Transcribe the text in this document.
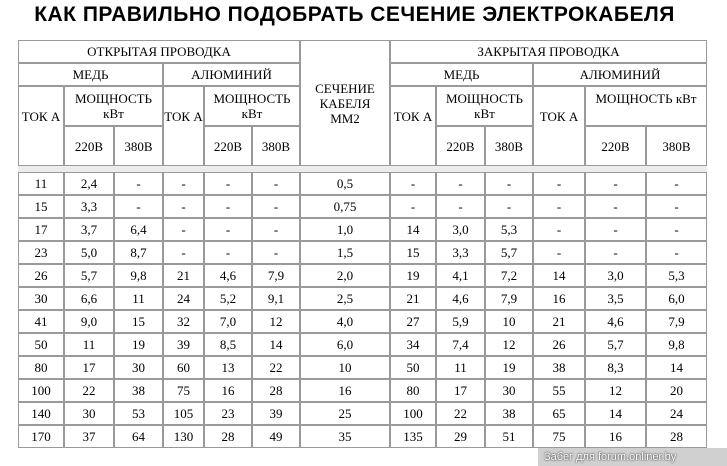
КАК ПРАВИЛЬНО ПОДОБРАТЬ СЕЧЕНИЕ ЭЛЕКТРОКАБЕЛЯ
ОТКРЫТАЯ ПРОВОДКА
СЕЧЕНИЕ КАБЕЛЯ ММ2
ЗАКРЫТАЯ ПРОВОДКА
МЕДЬ	АЛЮМИНИЙ	МЕДЬ	АЛЮМИНИЙ
ТОК А
МОЩНОСТЬ кВт	ТОК А
МОЩНОСТЬ кВт	ТОК А
МОЩНОСТЬ кВт	ТОК А
МОЩНОСТЬ кВт
220В	380В	220В	380В	220В	380В	220В	380В
11	2,4	-	-	-	-	0,5	-	-	-	-	-	-
15	3,3	-	-	-	-	0,75	-	-	-	-	-	-
17	3,7	6,4	-	-	-	1,0	14	3,0	5,3	-	-	-
23	5,0	8,7	-	-	-	1,5	15	3,3	5,7	-	-	-
26	5,7	9,8	21	4,6	7,9	2,0	19	4,1	7,2	14	3,0	5,3
30	6,6	11	24	5,2	9,1	2,5	21	4,6	7,9	16	3,5	6,0
41	9,0	15	32	7,0	12	4,0	27	5,9	10	21	4,6	7,9
50	11	19	39	8,5	14	6,0	34	7,4	12	26	5,7	9,8
80	17	30	60	13	22	10	50	11	19	38	8,3	14
100	22	38	75	16	28	16	80	17	30	55	12	20
140	30	53	105	23	39	25	100	22	38	65	14	24
170	37	64	130	28	49	35	135	29	51	75	16	28
Забег для forum.onliner.by
